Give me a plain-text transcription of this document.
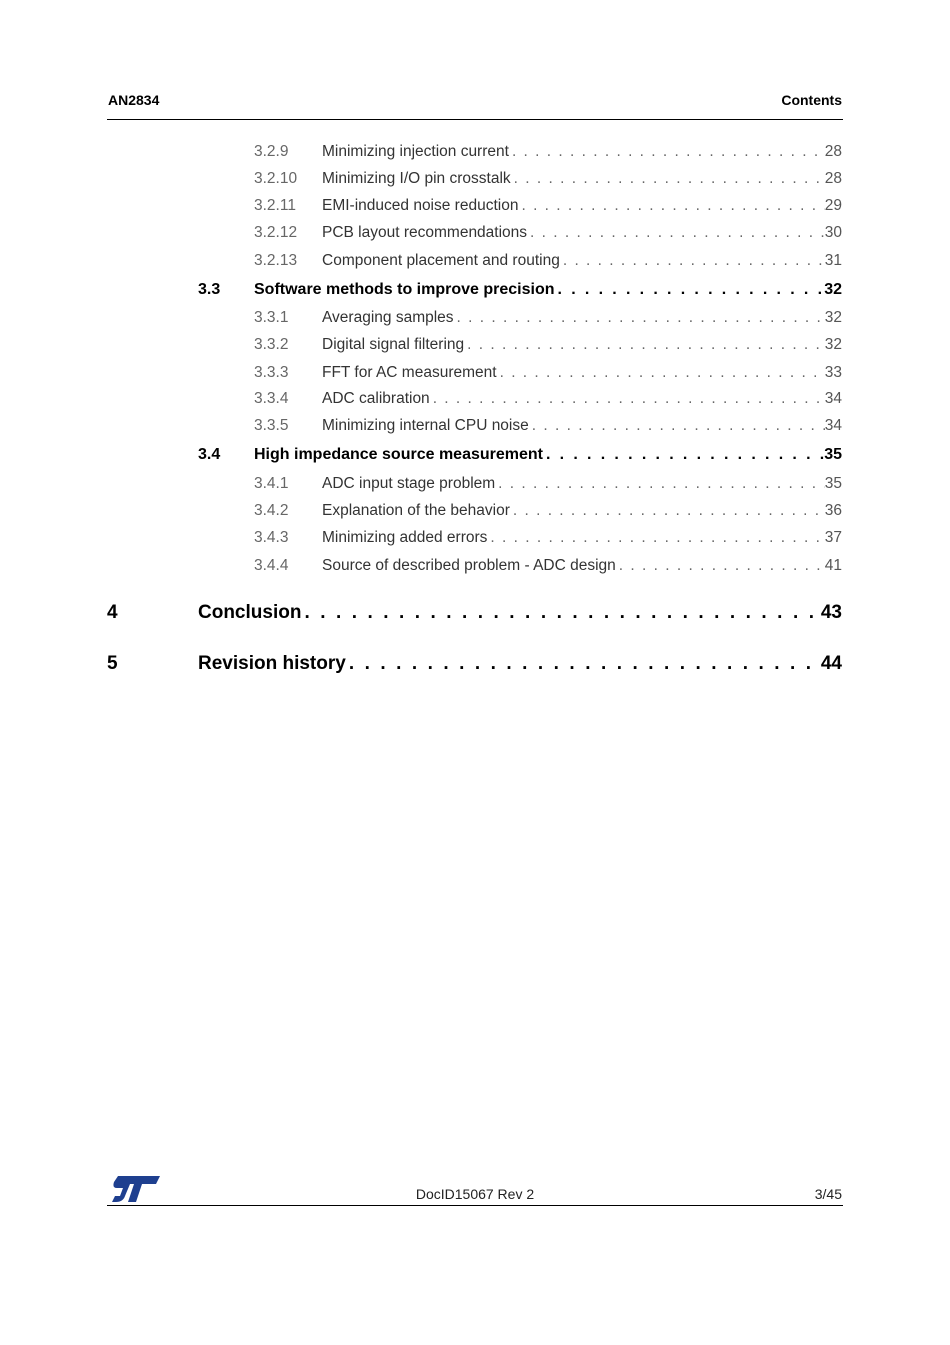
AN2834	Contents
3.2.9	Minimizing injection current . . .	28
3.2.10	Minimizing I/O pin crosstalk . . .	28
3.2.11	EMI-induced noise reduction . . .	29
3.2.12	PCB layout recommendations . . .	30
3.2.13	Component placement and routing . . .	31
3.3	Software methods to improve precision . . .	32
3.3.1	Averaging samples . . .	32
3.3.2	Digital signal filtering . . .	32
3.3.3	FFT for AC measurement . . .	33
3.3.4	ADC calibration . . .	34
3.3.5	Minimizing internal CPU noise . . .	34
3.4	High impedance source measurement . . .	35
3.4.1	ADC input stage problem . . .	35
3.4.2	Explanation of the behavior . . .	36
3.4.3	Minimizing added errors . . .	37
3.4.4	Source of described problem - ADC design . . .	41
4	Conclusion . . .	43
5	Revision history . . .	44
DocID15067 Rev 2	3/45
